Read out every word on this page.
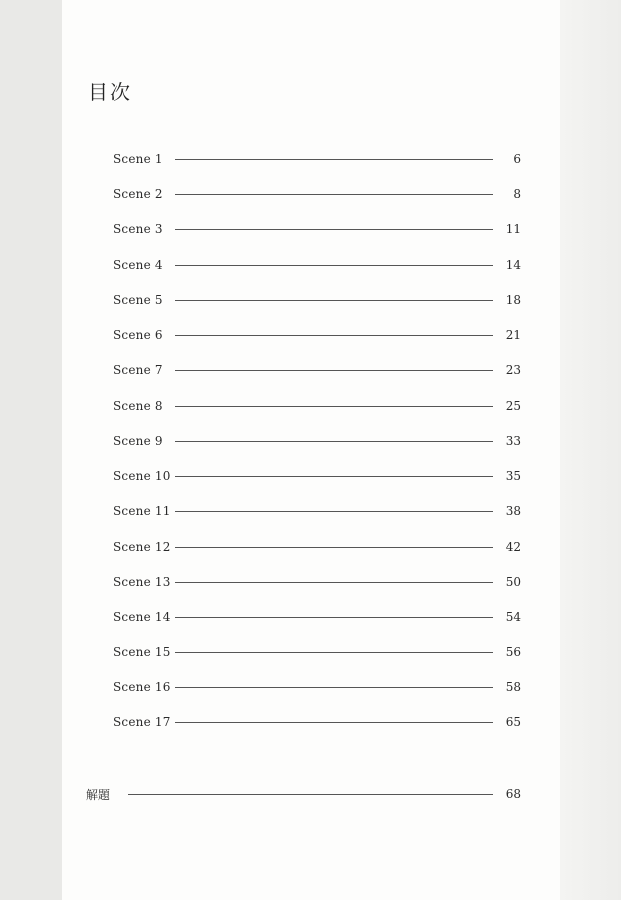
目次
Scene 1	6
Scene 2	8
Scene 3	11
Scene 4	14
Scene 5	18
Scene 6	21
Scene 7	23
Scene 8	25
Scene 9	33
Scene 10	35
Scene 11	38
Scene 12	42
Scene 13	50
Scene 14	54
Scene 15	56
Scene 16	58
Scene 17	65
解題	68
